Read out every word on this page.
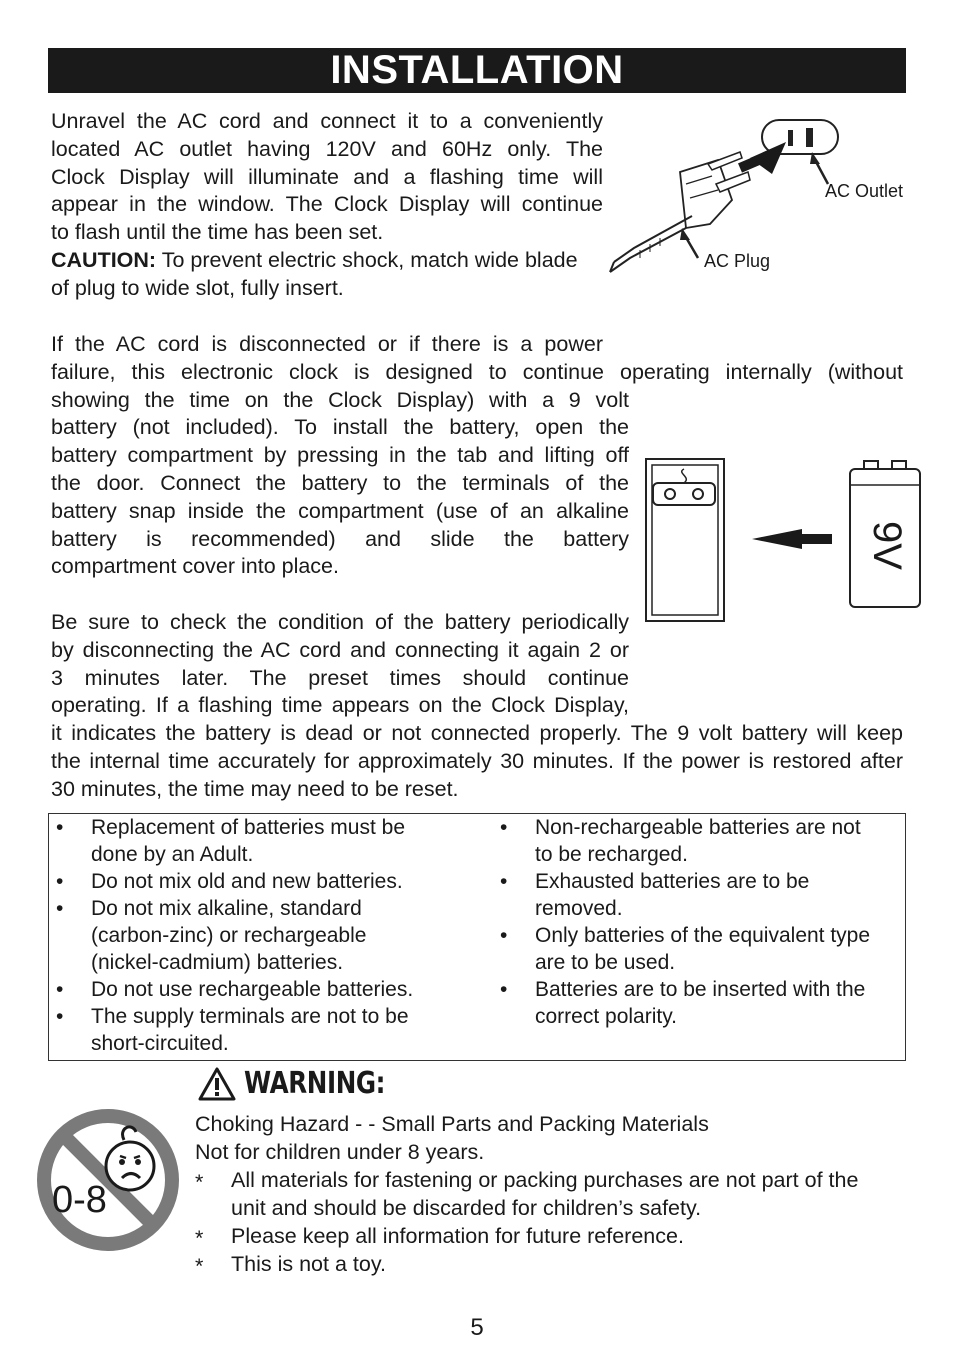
INSTALLATION
Unravel the AC cord and connect it to a conveniently
located AC outlet having 120V and 60Hz only. The
Clock Display will illuminate and a flashing time will
appear in the window. The Clock Display will continue
to flash until the time has been set.
CAUTION: To prevent electric shock, match wide blade
of plug to wide slot, fully insert.
AC Outlet
AC Plug
If the AC cord is disconnected or if there is a power
failure, this electronic clock is designed to continue operating internally (without
showing the time on the Clock Display) with a 9 volt
battery (not included). To install the battery, open the
battery compartment by pressing in the tab and lifting off
the door. Connect the battery to the terminals of the
battery snap inside the compartment (use of an alkaline
battery is recommended) and slide the battery
compartment cover into place.	9V
Be sure to check the condition of the battery periodically
by disconnecting the AC cord and connecting it again 2 or
3 minutes later. The preset times should continue
operating. If a flashing time appears on the Clock Display,
it indicates the battery is dead or not connected properly. The 9 volt battery will keep
the internal time accurately for approximately 30 minutes. If the power is restored after
30 minutes, the time may need to be reset.
• Replacement of batteries must be
done by an Adult.
• Do not mix old and new batteries.
• Do not mix alkaline, standard
(carbon-zinc) or rechargeable
(nickel-cadmium) batteries.
• Do not use rechargeable batteries.
• The supply terminals are not to be
short-circuited.
• Non-rechargeable batteries are not
to be recharged.
• Exhausted batteries are to be
removed.
• Only batteries of the equivalent type
are to be used.
• Batteries are to be inserted with the
correct polarity.
WARNING:
0-8
Choking Hazard - - Small Parts and Packing Materials
Not for children under 8 years.
* All materials for fastening or packing purchases are not part of the
unit and should be discarded for children’s safety.
* Please keep all information for future reference.
* This is not a toy.
5
